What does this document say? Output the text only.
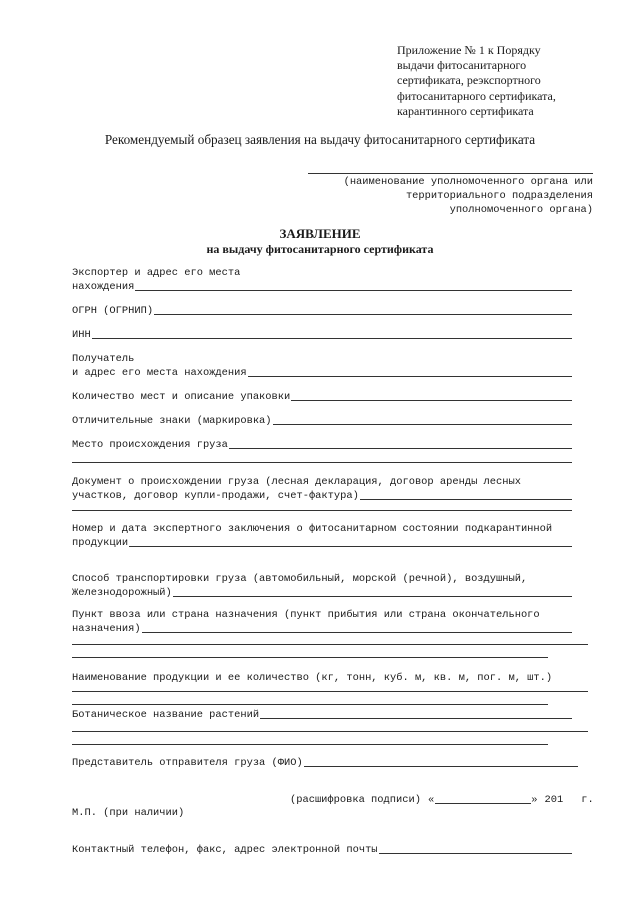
Приложение № 1 к Порядку
выдачи фитосанитарного
сертификата, реэкспортного
фитосанитарного сертификата,
карантинного сертификата
Рекомендуемый образец заявления на выдачу фитосанитарного сертификата
(наименование уполномоченного органа или
территориального подразделения
уполномоченного органа)
ЗАЯВЛЕНИЕ
на выдачу фитосанитарного сертификата
Экспортер и адрес его места
нахождения
ОГРН (ОГРНИП)
ИНН
Получатель
и адрес его места нахождения
Количество мест и описание упаковки
Отличительные знаки (маркировка)
Место происхождения груза
Документ о происхождении груза (лесная декларация, договор аренды лесных
участков, договор купли-продажи, счет-фактура)
Номер и дата экспертного заключения о фитосанитарном состоянии подкарантинной
продукции
Способ транспортировки груза (автомобильный, морской (речной), воздушный,
Железнодорожный)
Пункт ввоза или страна назначения (пункт прибытия или страна окончательного
назначения)
Наименование продукции и ее количество (кг, тонн, куб. м, кв. м, пог. м, шт.)
Ботаническое название растений
Представитель отправителя груза (ФИО)
(расшифровка подписи) «	» 201 г.
М.П. (при наличии)
Контактный телефон, факс, адрес электронной почты
